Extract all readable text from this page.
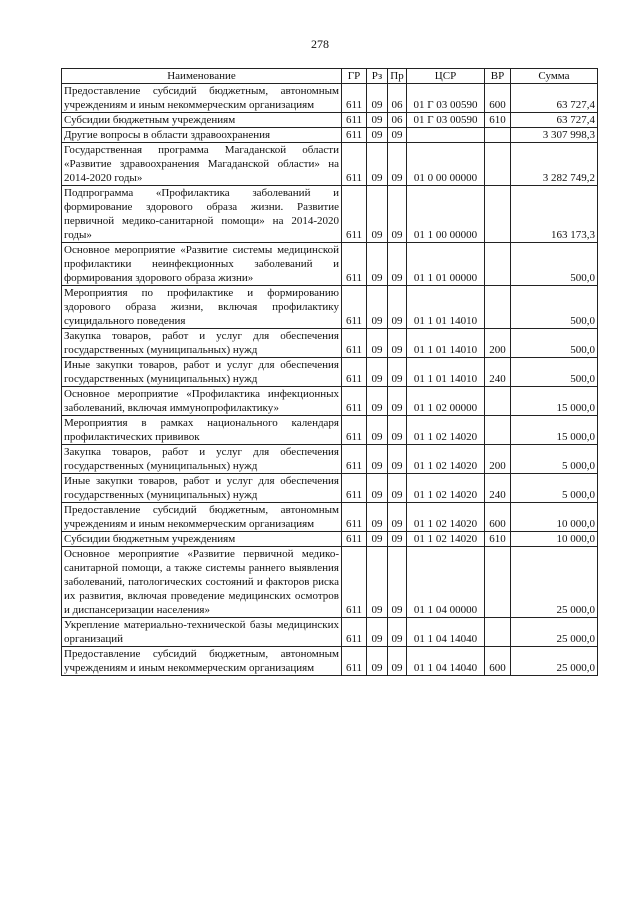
278
Наименование	ГР	Рз	Пр	ЦСР	ВР	Сумма
Предоставление субсидий бюджетным, автономным учреждениям и иным некоммерческим организациям	611	09	06	01 Г 03 00590	600	63 727,4
Субсидии бюджетным учреждениям	611	09	06	01 Г 03 00590	610	63 727,4
Другие вопросы в области здравоохранения	611	09	09			3 307 998,3
Государственная программа Магаданской области «Развитие здравоохранения Магаданской области» на 2014-2020 годы»	611	09	09	01 0 00 00000		3 282 749,2
Подпрограмма «Профилактика заболеваний и формирование здорового образа жизни. Развитие первичной медико-санитарной помощи» на 2014-2020 годы»	611	09	09	01 1 00 00000		163 173,3
Основное мероприятие «Развитие системы медицинской профилактики неинфекционных заболеваний и формирования здорового образа жизни»	611	09	09	01 1 01 00000		500,0
Мероприятия по профилактике и формированию здорового образа жизни, включая профилактику суицидального поведения	611	09	09	01 1 01 14010		500,0
Закупка товаров, работ и услуг для обеспечения государственных (муниципальных) нужд	611	09	09	01 1 01 14010	200	500,0
Иные закупки товаров, работ и услуг для обеспечения государственных (муниципальных) нужд	611	09	09	01 1 01 14010	240	500,0
Основное мероприятие «Профилактика инфекционных заболеваний, включая иммунопрофилактику»	611	09	09	01 1 02 00000		15 000,0
Мероприятия в рамках национального календаря профилактических прививок	611	09	09	01 1 02 14020		15 000,0
Закупка товаров, работ и услуг для обеспечения государственных (муниципальных) нужд	611	09	09	01 1 02 14020	200	5 000,0
Иные закупки товаров, работ и услуг для обеспечения государственных (муниципальных) нужд	611	09	09	01 1 02 14020	240	5 000,0
Предоставление субсидий бюджетным, автономным учреждениям и иным некоммерческим организациям	611	09	09	01 1 02 14020	600	10 000,0
Субсидии бюджетным учреждениям	611	09	09	01 1 02 14020	610	10 000,0
Основное мероприятие «Развитие первичной медико-санитарной помощи, а также системы раннего выявления заболеваний, патологических состояний и факторов риска их развития, включая проведение медицинских осмотров и диспансеризации населения»	611	09	09	01 1 04 00000		25 000,0
Укрепление материально-технической базы медицинских организаций	611	09	09	01 1 04 14040		25 000,0
Предоставление субсидий бюджетным, автономным учреждениям и иным некоммерческим организациям	611	09	09	01 1 04 14040	600	25 000,0
